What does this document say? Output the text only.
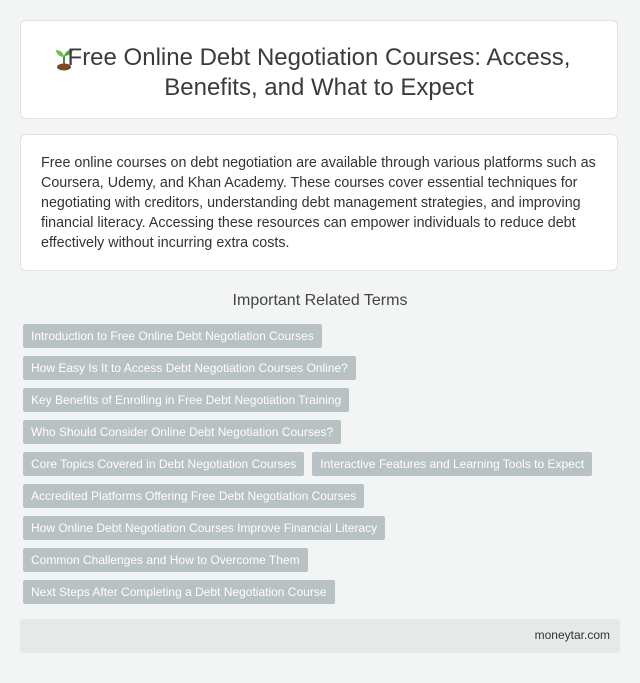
Free Online Debt Negotiation Courses: Access, Benefits, and What to Expect
Free online courses on debt negotiation are available through various platforms such as Coursera, Udemy, and Khan Academy. These courses cover essential techniques for negotiating with creditors, understanding debt management strategies, and improving financial literacy. Accessing these resources can empower individuals to reduce debt effectively without incurring extra costs.
Important Related Terms
Introduction to Free Online Debt Negotiation Courses
How Easy Is It to Access Debt Negotiation Courses Online?
Key Benefits of Enrolling in Free Debt Negotiation Training
Who Should Consider Online Debt Negotiation Courses?
Core Topics Covered in Debt Negotiation Courses	Interactive Features and Learning Tools to Expect
Accredited Platforms Offering Free Debt Negotiation Courses
How Online Debt Negotiation Courses Improve Financial Literacy
Common Challenges and How to Overcome Them
Next Steps After Completing a Debt Negotiation Course
moneytar.com
